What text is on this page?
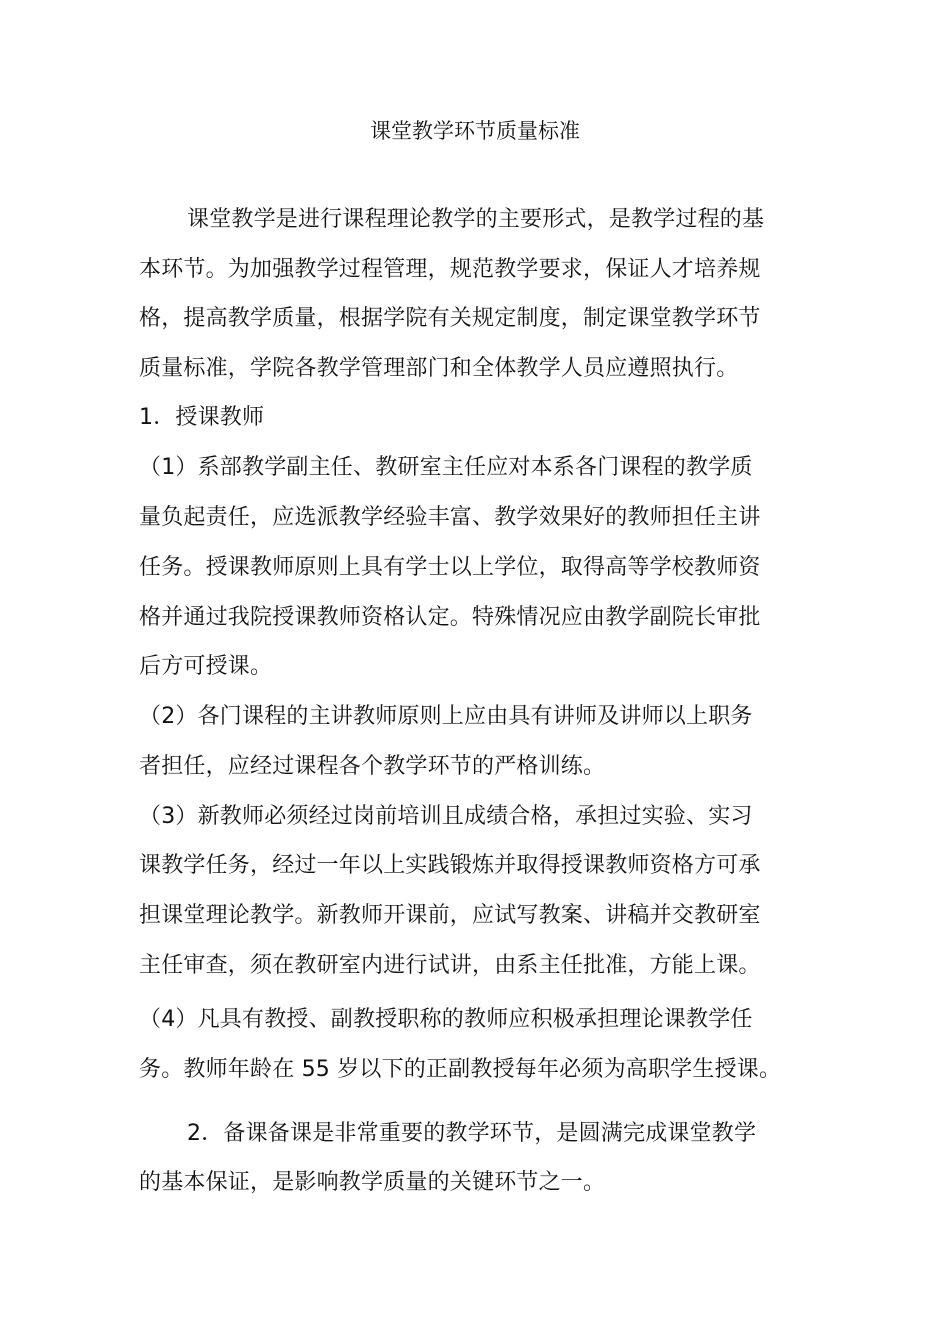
课堂教学环节质量标准
课堂教学是进行课程理论教学的主要形式，是教学过程的基
本环节。为加强教学过程管理，规范教学要求，保证人才培养规
格，提高教学质量，根据学院有关规定制度，制定课堂教学环节
质量标准，学院各教学管理部门和全体教学人员应遵照执行。
1．授课教师
（1）系部教学副主任、教研室主任应对本系各门课程的教学质
量负起责任，应选派教学经验丰富、教学效果好的教师担任主讲
任务。授课教师原则上具有学士以上学位，取得高等学校教师资
格并通过我院授课教师资格认定。特殊情况应由教学副院长审批
后方可授课。
（2）各门课程的主讲教师原则上应由具有讲师及讲师以上职务
者担任，应经过课程各个教学环节的严格训练。
（3）新教师必须经过岗前培训且成绩合格，承担过实验、实习
课教学任务，经过一年以上实践锻炼并取得授课教师资格方可承
担课堂理论教学。新教师开课前，应试写教案、讲稿并交教研室
主任审查，须在教研室内进行试讲，由系主任批准，方能上课。
（4）凡具有教授、副教授职称的教师应积极承担理论课教学任
务。教师年龄在 55 岁以下的正副教授每年必须为高职学生授课。
2．备课备课是非常重要的教学环节，是圆满完成课堂教学
的基本保证，是影响教学质量的关键环节之一。
